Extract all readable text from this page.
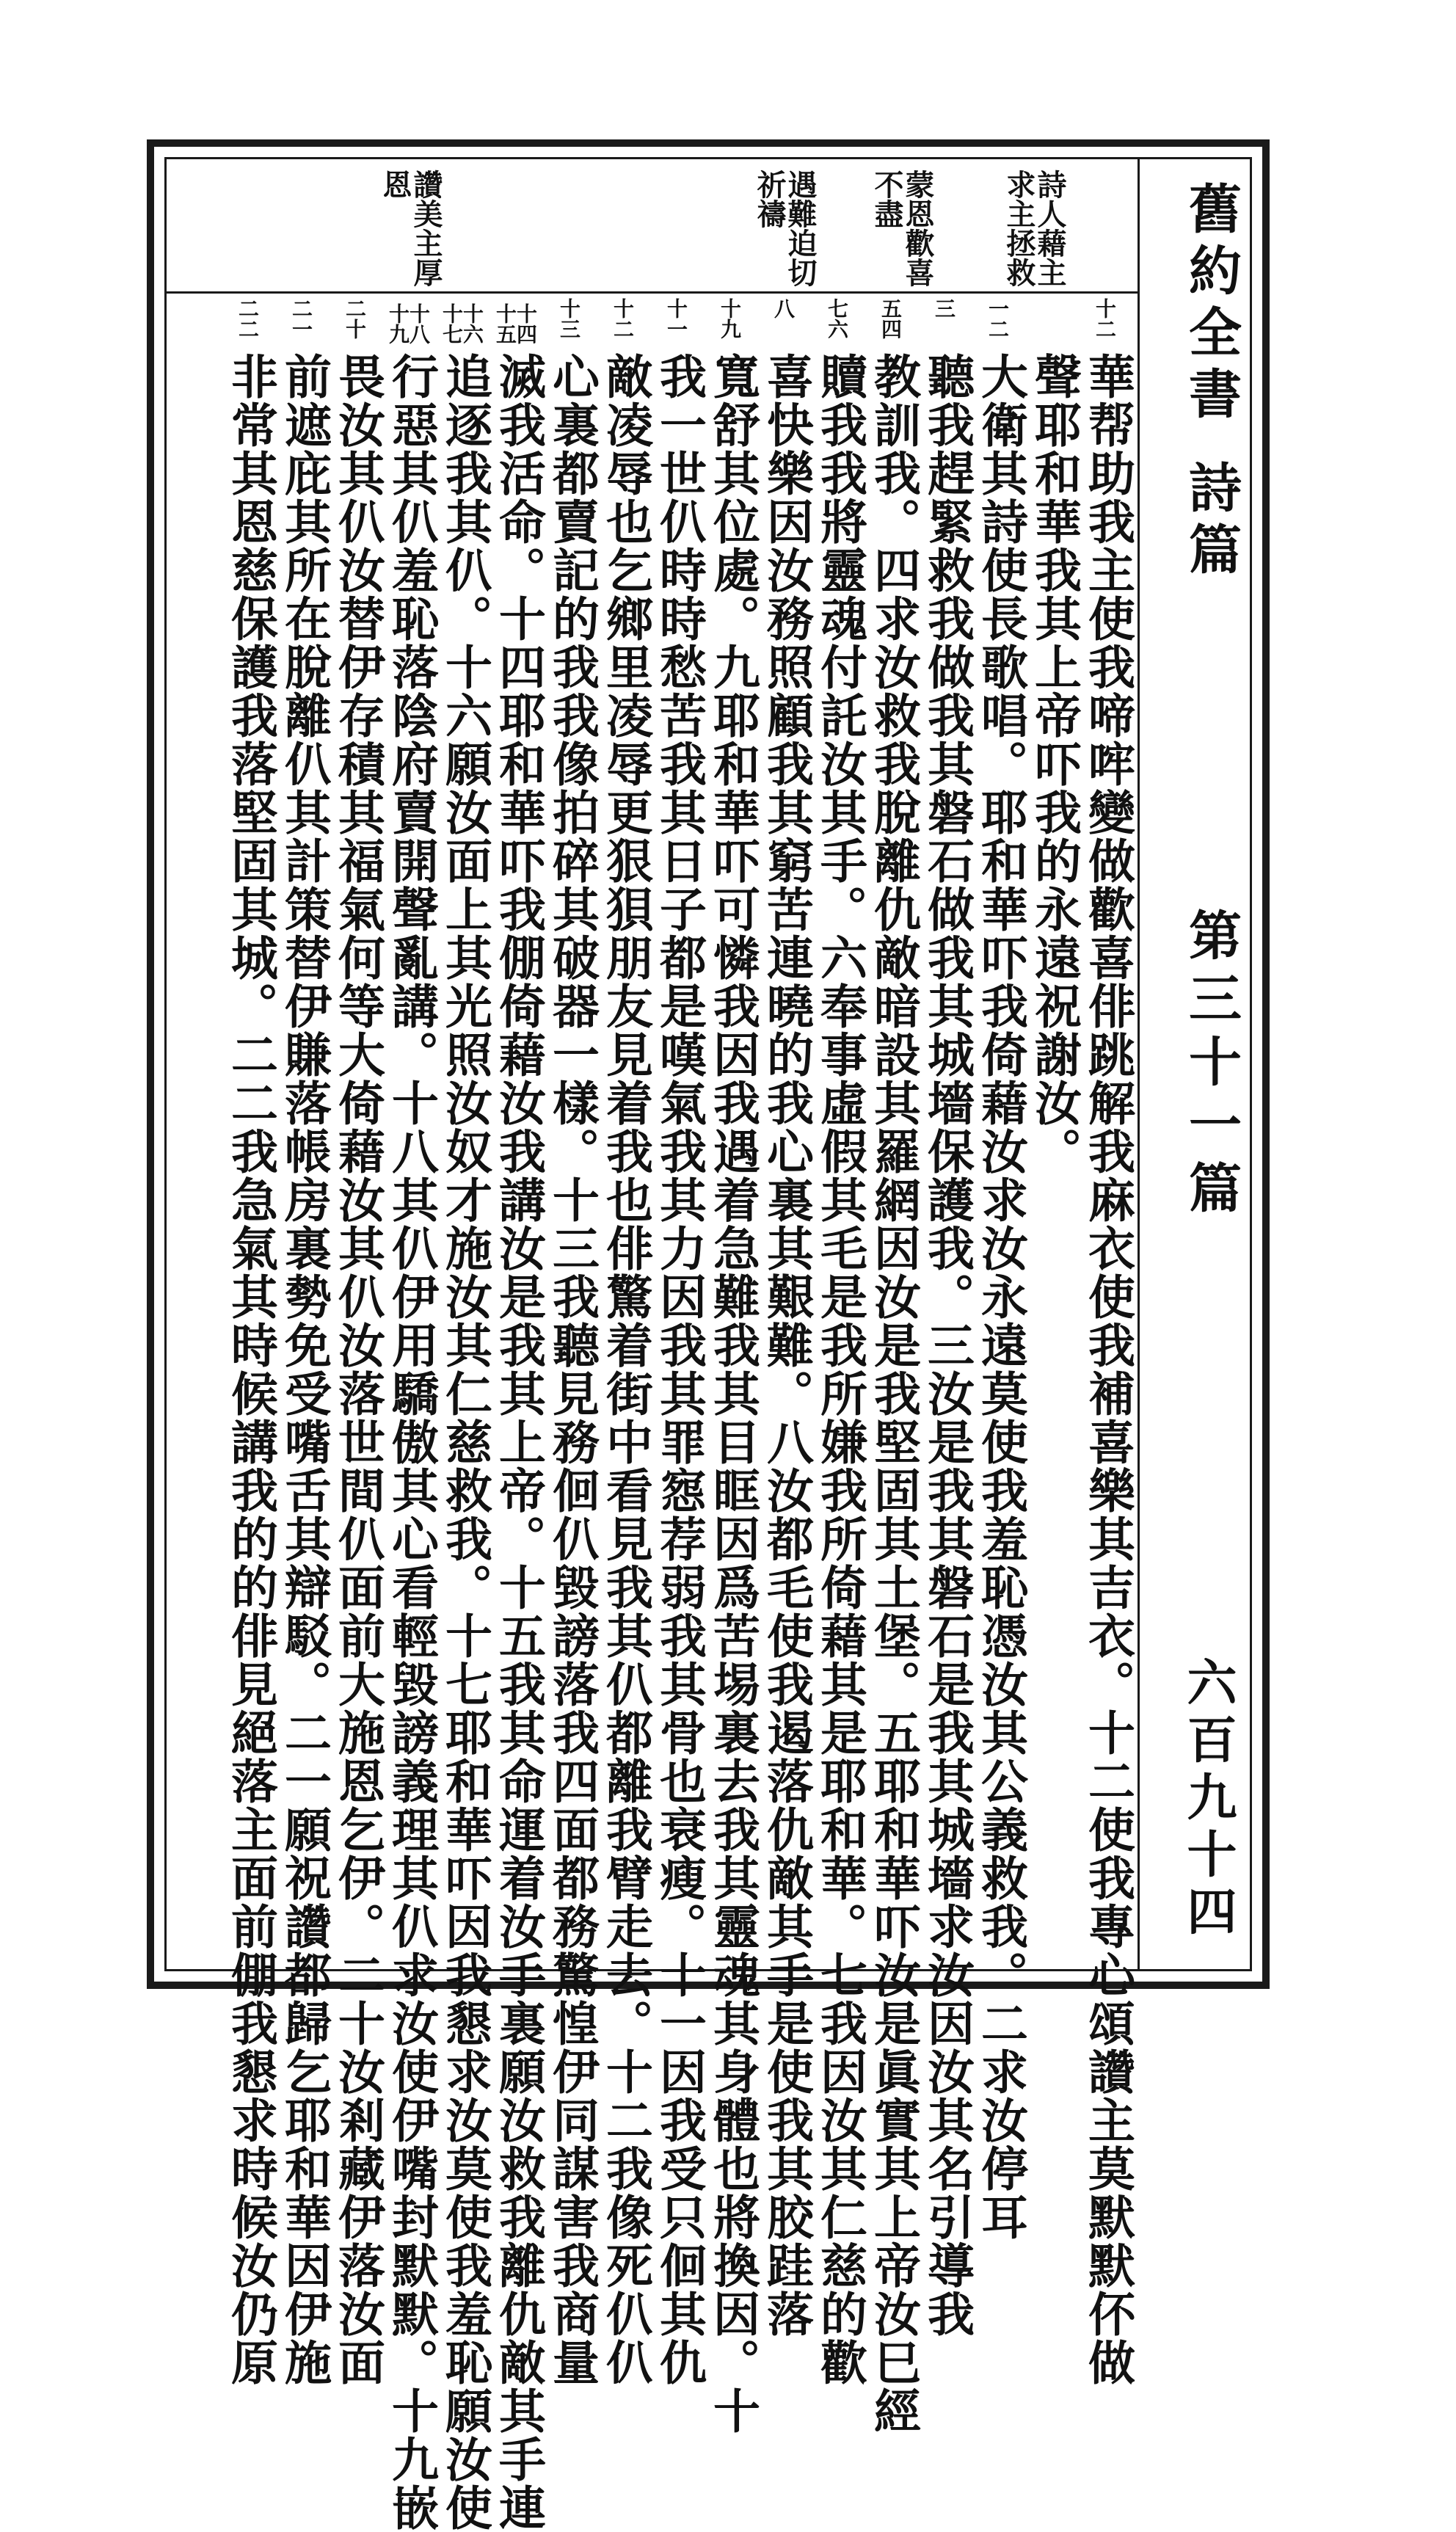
舊約全書
詩篇
第三十一篇
六百九十四
詩人藉主
求主拯救
蒙恩歡喜
不盡
遇難迫切
祈禱
讚美主厚
恩
十二
華帮助我主使我啼哰變做歡喜俳跳解我麻衣使我補喜樂其吉衣。十二使我專心頌讚主莫默默伓做
聲耶和華我其上帝吓我的永遠祝謝汝。
一二
大衛其詩使長歌唱。耶和華吓我倚藉汝求汝永遠莫使我羞恥憑汝其公義救我。二求汝停耳
三
聽我趕緊救我做我其磐石做我其城墻保護我。三汝是我其磐石是我其城墻求汝因汝其名引導我
五四
教訓我。四求汝救我脫離仇敵暗設其羅網因汝是我堅固其土堡。五耶和華吓汝是眞實其上帝汝巳經
七六
贖我我將靈魂付託汝其手。六奉事虛假其毛是我所嫌我所倚藉其是耶和華。七我因汝其仁慈的歡
八
喜快樂因汝務照顧我其窮苦連曉的我心裏其艱難。八汝都毛使我遏落仇敵其手是使我其胶跬落
十九
寬舒其位處。九耶和華吓可憐我因我遇着急難我其目眶因爲苦埸裏去我其靈魂其身體也將換因。十
十一
我一世仈時時愁苦我其日子都是嘆氣我其力因我其罪惌荐弱我其骨也衰瘦。十一因我受只佪其仇
十二
敵凌辱也乞鄉里凌辱更狠狽朋友見着我也俳驚着街中看見我其仈都離我臂走去。十二我像死仈仈
十三
心裏都賣記的我我像拍碎其破器一樣。十三我聽見務佪仈毀謗落我四面都務驚惶伊同謀害我商量
十四十五
滅我活命。十四耶和華吓我倗倚藉汝我講汝是我其上帝。十五我其命運着汝手裏願汝救我離仇敵其手連
十六十七
追逐我其仈。十六願汝面上其光照汝奴才施汝其仁慈救我。十七耶和華吓因我懇求汝莫使我羞恥願汝使
十八十九
行惡其仈羞恥落陰府賣開聲亂講。十八其仈伊用驕傲其心看輕毀謗義理其仈求汝使伊嘴封默默。十九嵌
二十
畏汝其仈汝替伊存積其福氣何等大倚藉汝其仈汝落世間仈面前大施恩乞伊。二十汝剎藏伊落汝面
二一
前遮庇其所在脫離仈其計策替伊賺落帳房裏勢免受嘴舌其辯駁。二一願祝讚都歸乞耶和華因伊施
二二
非常其恩慈保護我落堅固其城。二二我急氣其時候講我的的俳見絕落主面前倗我懇求時候汝仍原
